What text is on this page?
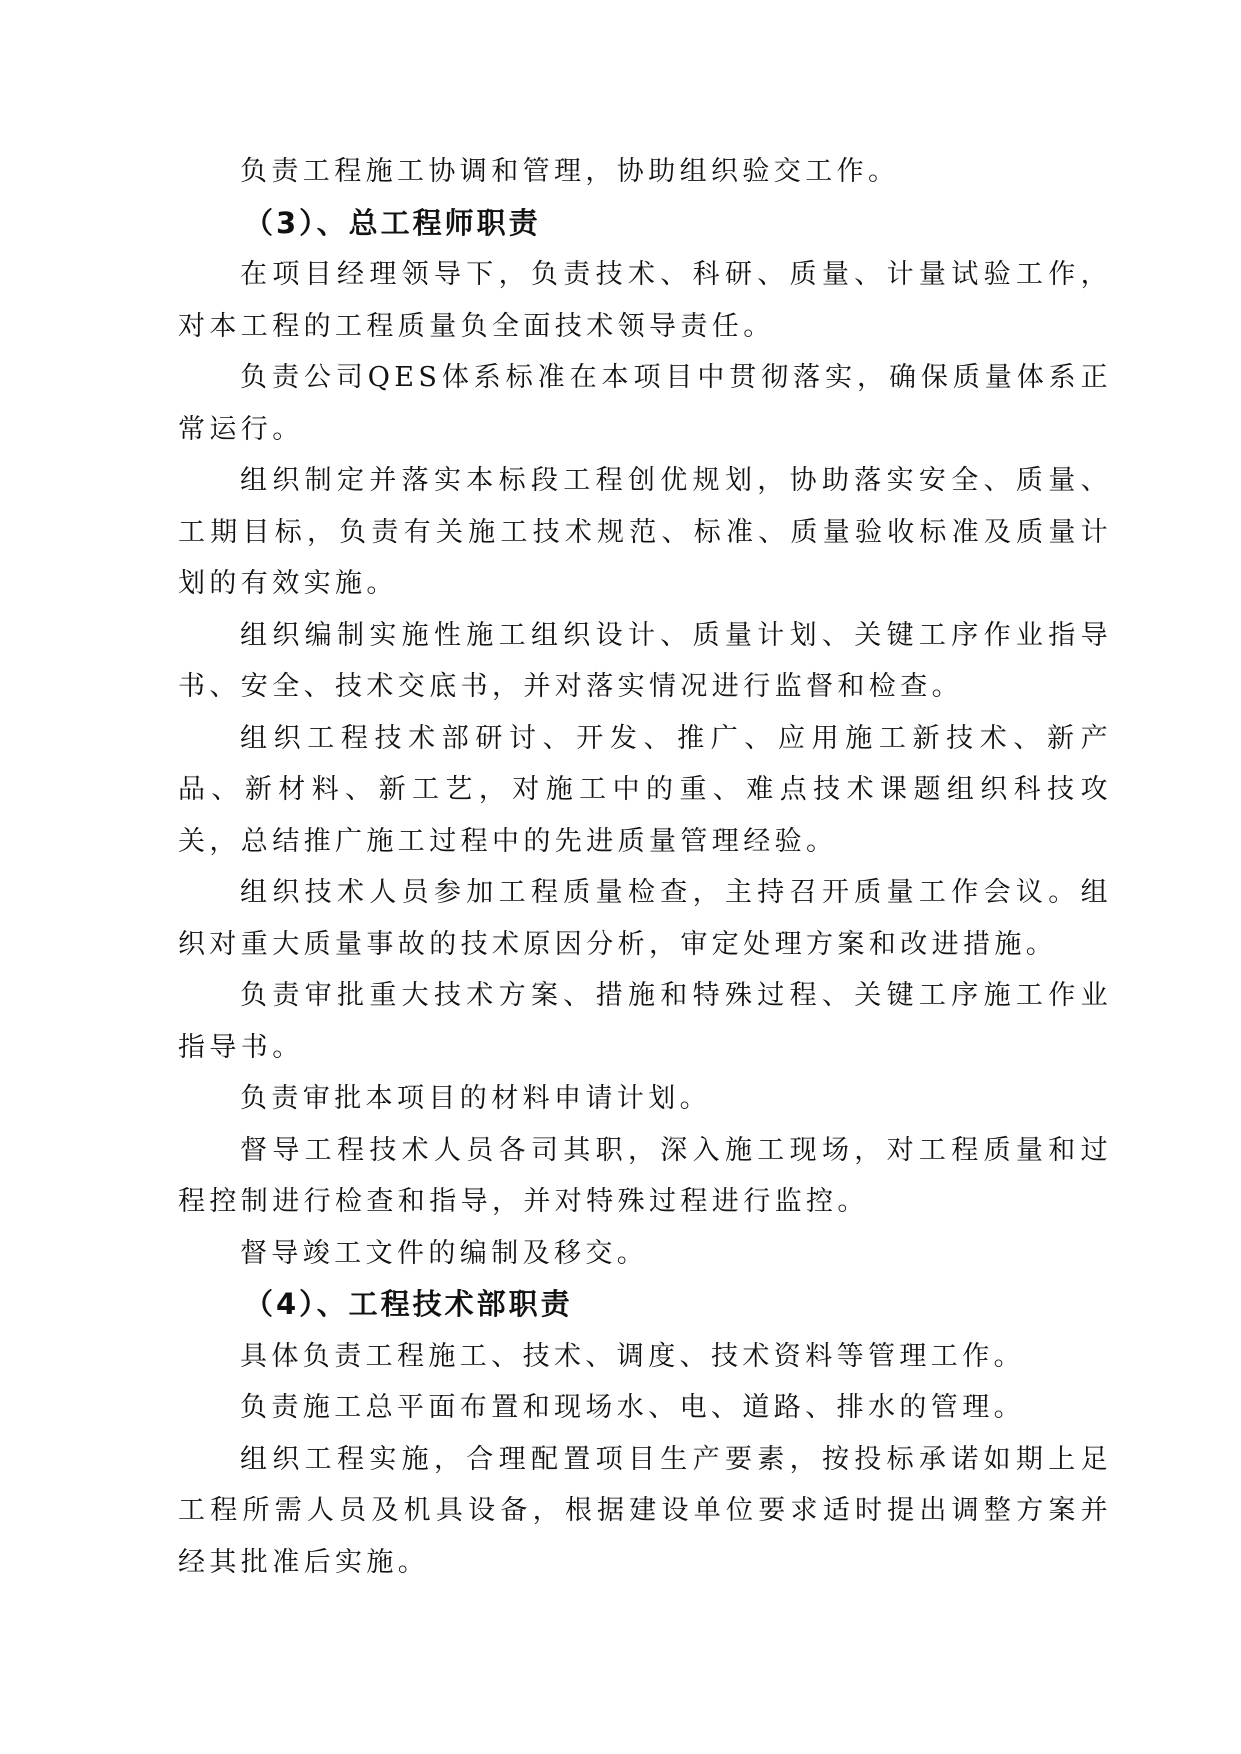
负责工程施工协调和管理，协助组织验交工作。

（3）、总工程师职责

在项目经理领导下，负责技术、科研、质量、计量试验工作，对本工程的工程质量负全面技术领导责任。

负责公司QES体系标准在本项目中贯彻落实，确保质量体系正常运行。

组织制定并落实本标段工程创优规划，协助落实安全、质量、工期目标，负责有关施工技术规范、标准、质量验收标准及质量计划的有效实施。

组织编制实施性施工组织设计、质量计划、关键工序作业指导书、安全、技术交底书，并对落实情况进行监督和检查。

组织工程技术部研讨、开发、推广、应用施工新技术、新产品、新材料、新工艺，对施工中的重、难点技术课题组织科技攻关，总结推广施工过程中的先进质量管理经验。

组织技术人员参加工程质量检查，主持召开质量工作会议。组织对重大质量事故的技术原因分析，审定处理方案和改进措施。

负责审批重大技术方案、措施和特殊过程、关键工序施工作业指导书。

负责审批本项目的材料申请计划。

督导工程技术人员各司其职，深入施工现场，对工程质量和过程控制进行检查和指导，并对特殊过程进行监控。

督导竣工文件的编制及移交。

（4）、工程技术部职责

具体负责工程施工、技术、调度、技术资料等管理工作。

负责施工总平面布置和现场水、电、道路、排水的管理。

组织工程实施，合理配置项目生产要素，按投标承诺如期上足工程所需人员及机具设备，根据建设单位要求适时提出调整方案并经其批准后实施。
